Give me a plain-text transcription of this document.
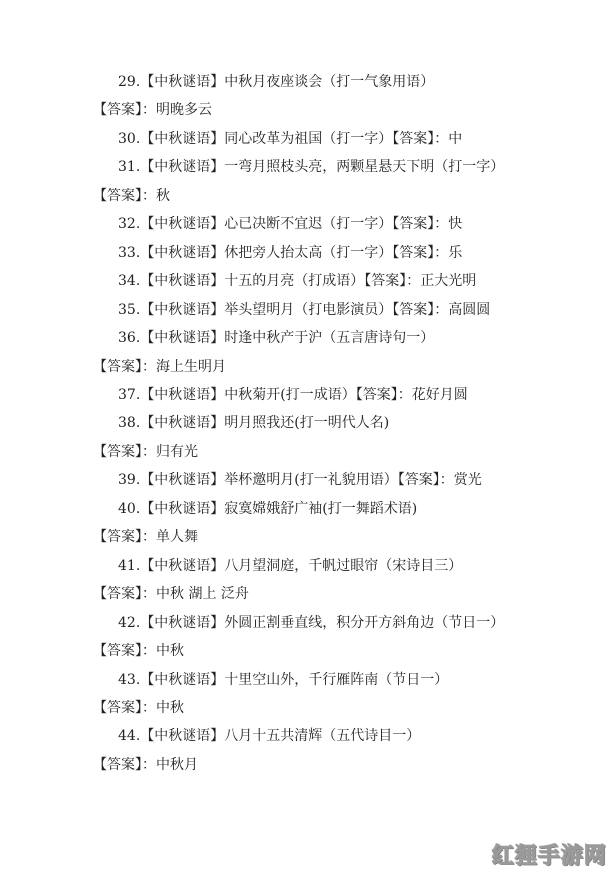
29.【中秋谜语】中秋月夜座谈会（打一气象用语）
【答案】：明晚多云
30.【中秋谜语】同心改革为祖国（打一字）【答案】：中
31.【中秋谜语】一弯月照枝头亮，两颗星悬天下明（打一字）
【答案】：秋
32.【中秋谜语】心已决断不宜迟（打一字）【答案】：快
33.【中秋谜语】休把旁人抬太高（打一字）【答案】：乐
34.【中秋谜语】十五的月亮（打成语）【答案】：正大光明
35.【中秋谜语】举头望明月（打电影演员）【答案】：高圆圆
36.【中秋谜语】时逢中秋产于沪（五言唐诗句一）
【答案】：海上生明月
37.【中秋谜语】中秋菊开(打一成语）【答案】：花好月圆
38.【中秋谜语】明月照我还(打一明代人名)
【答案】：归有光
39.【中秋谜语】举杯邀明月(打一礼貌用语）【答案】：赏光
40.【中秋谜语】寂寞嫦娥舒广袖(打一舞蹈术语)
【答案】：单人舞
41.【中秋谜语】八月望洞庭，千帆过眼帘（宋诗目三）
【答案】：中秋 湖上 泛舟
42.【中秋谜语】外圆正割垂直线，积分开方斜角边（节日一）
【答案】：中秋
43.【中秋谜语】十里空山外，千行雁阵南（节日一）
【答案】：中秋
44.【中秋谜语】八月十五共清辉（五代诗目一）
【答案】：中秋月
红狸手游网
